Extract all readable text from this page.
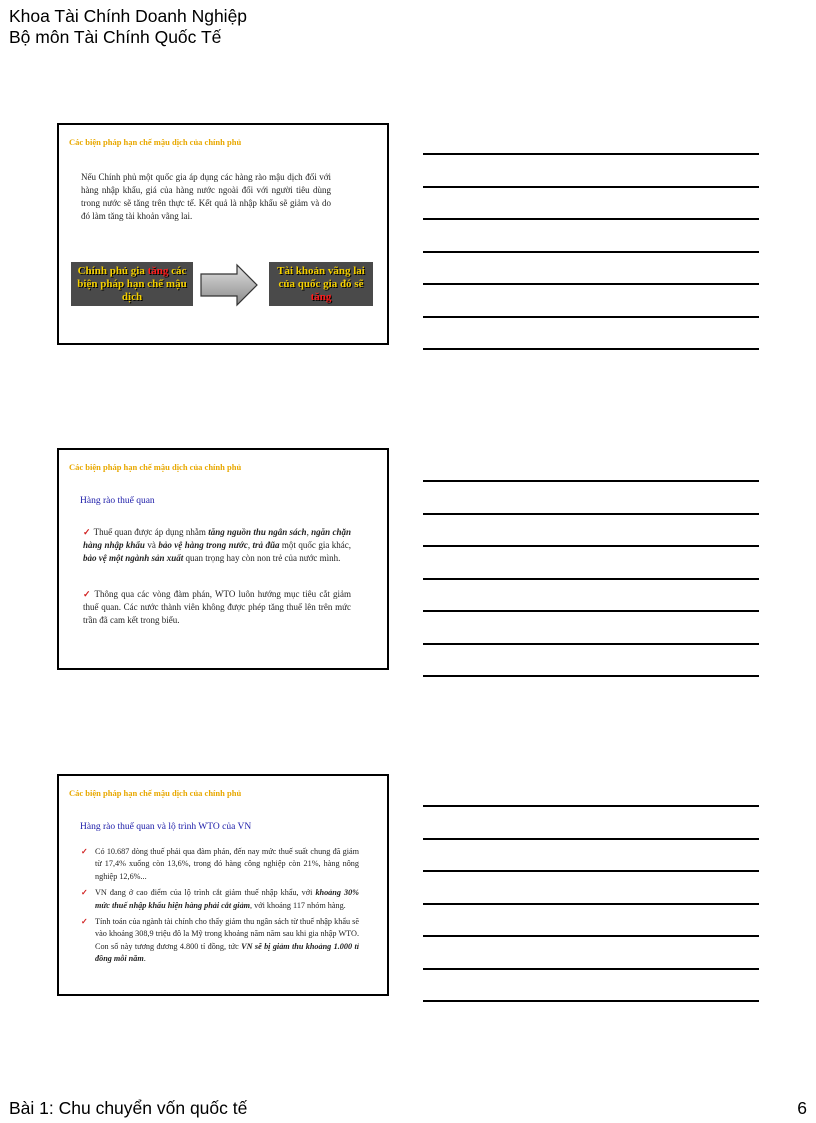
Khoa Tài Chính Doanh Nghiệp
Bộ môn Tài Chính Quốc Tế
Các biện pháp hạn chế mậu dịch của chính phủ
Nếu Chính phủ một quốc gia áp dụng các hàng rào mậu dịch đối với hàng nhập khẩu, giá của hàng nước ngoài đối với người tiêu dùng trong nước sẽ tăng trên thực tế. Kết quả là nhập khẩu sẽ giảm và do đó làm tăng tài khoản vãng lai.
Chính phủ gia tăng các biện pháp hạn chế mậu dịch
Tài khoản vãng lai của quốc gia đó sẽ tăng
Các biện pháp hạn chế mậu dịch của chính phủ
Hàng rào thuế quan
✓ Thuế quan được áp dụng nhằm tăng nguồn thu ngân sách, ngăn chặn hàng nhập khẩu và bảo vệ hàng trong nước, trả đũa một quốc gia khác, bảo vệ một ngành sản xuất quan trọng hay còn non trẻ của nước mình.
✓ Thông qua các vòng đàm phán, WTO luôn hướng mục tiêu cắt giảm thuế quan. Các nước thành viên không được phép tăng thuế lên trên mức trần đã cam kết trong biểu.
Các biện pháp hạn chế mậu dịch của chính phủ
Hàng rào thuế quan và lộ trình WTO của VN
✓ Có 10.687 dòng thuế phải qua đàm phán, đến nay mức thuế suất chung đã giảm từ 17,4% xuống còn 13,6%, trong đó hàng công nghiệp còn 21%, hàng nông nghiệp 12,6%...
✓ VN đang ở cao điểm của lộ trình cắt giảm thuế nhập khẩu, với khoảng 30% mức thuế nhập khẩu hiện hàng phải cắt giảm, với khoảng 117 nhóm hàng.
✓ Tính toán của ngành tài chính cho thấy giảm thu ngân sách từ thuế nhập khẩu sẽ vào khoảng 308,9 triệu đô la Mỹ trong khoảng năm năm sau khi gia nhập WTO. Con số này tương đương 4.800 tỉ đồng, tức VN sẽ bị giảm thu khoảng 1.000 tỉ đồng mỗi năm.
Bài 1: Chu chuyển vốn quốc tế	6
